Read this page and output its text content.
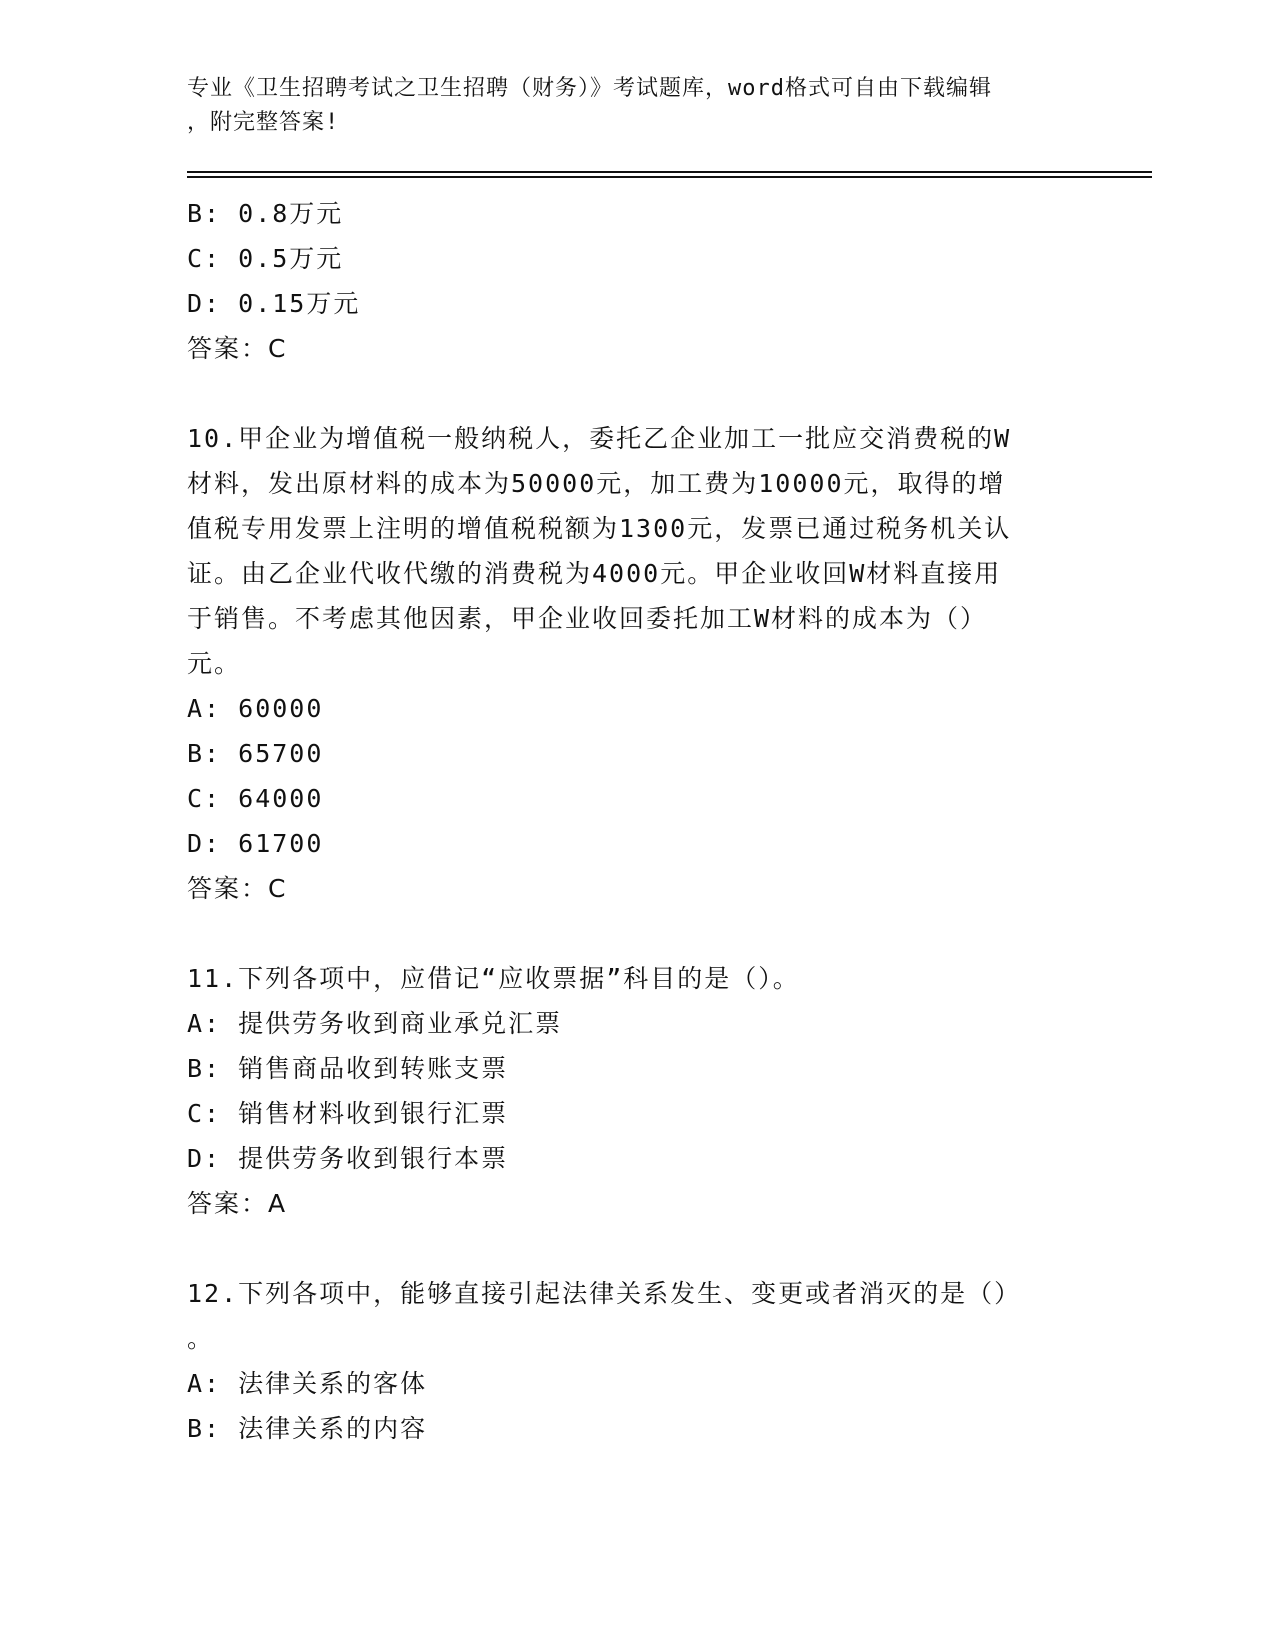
专业《卫生招聘考试之卫生招聘（财务）》考试题库，word格式可自由下载编辑
，附完整答案!
B: 0.8万元
C: 0.5万元
D: 0.15万元
答案：C
10.甲企业为增值税一般纳税人，委托乙企业加工一批应交消费税的W
材料，发出原材料的成本为50000元，加工费为10000元，取得的增
值税专用发票上注明的增值税税额为1300元，发票已通过税务机关认
证。由乙企业代收代缴的消费税为4000元。甲企业收回W材料直接用
于销售。不考虑其他因素，甲企业收回委托加工W材料的成本为（）
元。
A: 60000
B: 65700
C: 64000
D: 61700
答案：C
11.下列各项中，应借记“应收票据”科目的是（）。
A: 提供劳务收到商业承兑汇票
B: 销售商品收到转账支票
C: 销售材料收到银行汇票
D: 提供劳务收到银行本票
答案：A
12.下列各项中，能够直接引起法律关系发生、变更或者消灭的是（）
。
A: 法律关系的客体
B: 法律关系的内容
